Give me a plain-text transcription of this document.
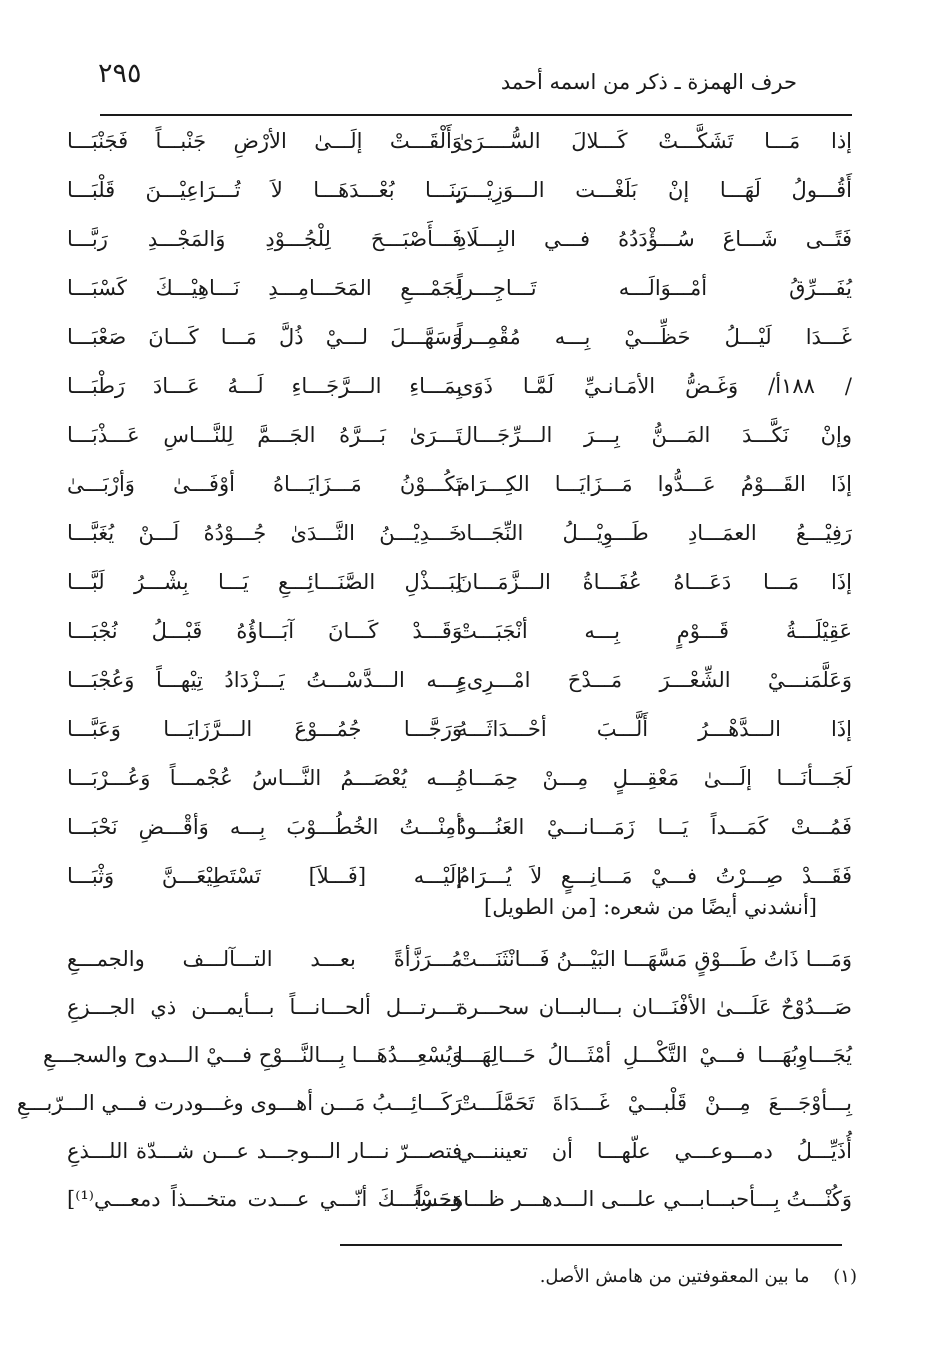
٢٩٥	حرف الهمزة ـ ذكر من اسمه أحمد
إذا مَـــا تَشَكَّـــتْ كَـــلالَ السُّــــرَىٰ
أَقُـــولُ لَهَـــا إنْ بَلَغْـــت الـــوَزِيْـــرَ
فَتًــى شَـــاعَ سُـــؤْدَدُهُ فـــي البِـــلَادِ
يُفَـــرِّقُ أمْـــوَالَـــه تَـــاجِـــراً
غَـــدَا لَيْـــلُ حَظِّـــيْ بِـــه مُقْمِــراً
/ ١٨٨أ/ وَغَـضُّ الأمَـانـيِّ لَمَّـا ذَوَى
وإنْ نَكَّـــدَ المَـــنُّ بِـــرَ الـــرِّجَـــال
إذَا القَـــوْمُ عَـــدُّوا مَـــزَايَـــا الكِـــرَام
رَفِيْـــعُ العمَـــادِ طَـــوِيْـــلُ النِّجَـــاد
إذَا مَـــا دَعَـــاهُ عُفَـــاةُ الـــزَّمَـــانَ
عَقِيْلَـــةُ قَـــوْمٍ بِـــه أنْجَبَـــتْ
وَعَلَّمَنـــيْ الشِّعْـــرَ مَـــدْحَ امْـــرِىءٍ
إذَا الـــدَّهْـــرُ أَلَّـــبَ أحْـــدَاثَـــهُ
لَجَـــأنَـــا إلَـــىٰ مَعْقِـــلٍ مِـــنْ حِمَـــاهُ
فَمُـــتْ كَمَـــداً يَـــا زَمَـــانـــيْ العَنُـــودُ
فَقَـــدْ صِـــرْتُ فـــيْ مَـــانِـــعٍ لاَ يُـــرَامُ
وَأَلْقَـــتْ إلَـــىٰ الأرْضِ جَنْبـــاً فَجَنْبَـــا
بِنَـــا بُعْـــدَهَـــا لاَ تُـــرَاعِيْـــنَ قَلْبَـــا
فَـــأَصْبَـــحَ لِلْجُـــوْدِ وَالمَجْـــدِ رَبَّـــا
لِجَمْـــعِ المَحَـــامِـــدِ نَـــاهِيْـــكَ كَسْبَـــا
وَسَهَّـــلَ لـــيْ ذُلَّ مَـــا كَـــانَ صَعْبَـــا
بِمَـــاءِ الـــرَّجَـــاءِ لَـــهُ عَـــادَ رَطْبَـــا
تَـــرَىٰ بَـــرَّهُ الجَـــمَّ لِلنَّـــاسِ عَـــذْبَـــا
تَكُـــوْنُ مَـــزَايَـــاهُ أوْفَـــىٰ وَأرْبَـــىٰ
خَـــدِيْـــنُ النَّـــدَىٰ جُـــوْدُهُ لَـــنْ يُغَبَّـــا
لِبَـــذْلِ الصَّنَـــائِـــعِ يَـــا بِشْـــرُ لَبَّـــا
وَقَـــدْ كَـــانَ آبَـــاؤُهُ قَبْـــلُ نُجْبَـــا
بِـــه الـــدَّسْـــتُ يَـــزْدَادُ تِيْهـــاً وَعُجْبَـــا
وَرَجَّـــا جُمُـــوْعَ الـــرَّزَايَـــا وَعَبَّـــا
بِـــه يُعْصَـــمُ النَّـــاسُ عُجْمـــاً وَعُـــرْبَـــا
أمِنْـــتُ الخُطُـــوْبَ بِـــه وَأقْـــضِ نَحْبَـــا
إلَيْـــه [فَـــلاَ] تَسْتَطِيْعَـــنَّ وَثْبَـــا
[أنشدني أيضًا من شعره: [من الطويل]
وَمَـــا ذَاتُ طَـــوْقٍ مَسَّهَـــا البَيْـــنُ فَـــانْثَنَـــتْ
صَـــدُوْحٌ عَلَـــىٰ الأفْنَـــان بـــالبـــان سحـــرة
يُجَـــاوِبُهَـــا فـــيْ التَّكْـــلِ أمْثَـــالُ حَـــالِهَـــا
بِـــأوْجَـــعَ مِـــنْ قَلْبـــيْ غَـــدَاةَ تَحَمَّلَـــتْ
أُذَيِّـــلُ دمـــوعـــي علّهـــا أن تعيننـــي
وَكُنْـــتُ بِـــأحبـــابـــي علـــى الـــدهـــر ظـــاهـــراً
مُـــرَزَّأةً بعـــد التـــآلـــف والجمـــعِ
تـــرتـــل ألحـــانـــاً بـــأيمـــن ذي الجـــزعِ
وَيُسْعِـــدُهَـــا بِـــالنَّـــوْحِ فـــيْ الـــدوح والسجـــعِ
رَكَـــائِـــبُ مَـــن أهـــوى وغـــودرت فـــي الـــرّبـــعِ
فتصـــرّ نـــار الـــوجـــد عـــن شـــدّة اللـــذعِ
وَحَسْبُـــكَ أنّـــي عـــدت متخـــذاً دمعـــي⁽¹⁾]
(١) ما بين المعقوفتين من هامش الأصل.
